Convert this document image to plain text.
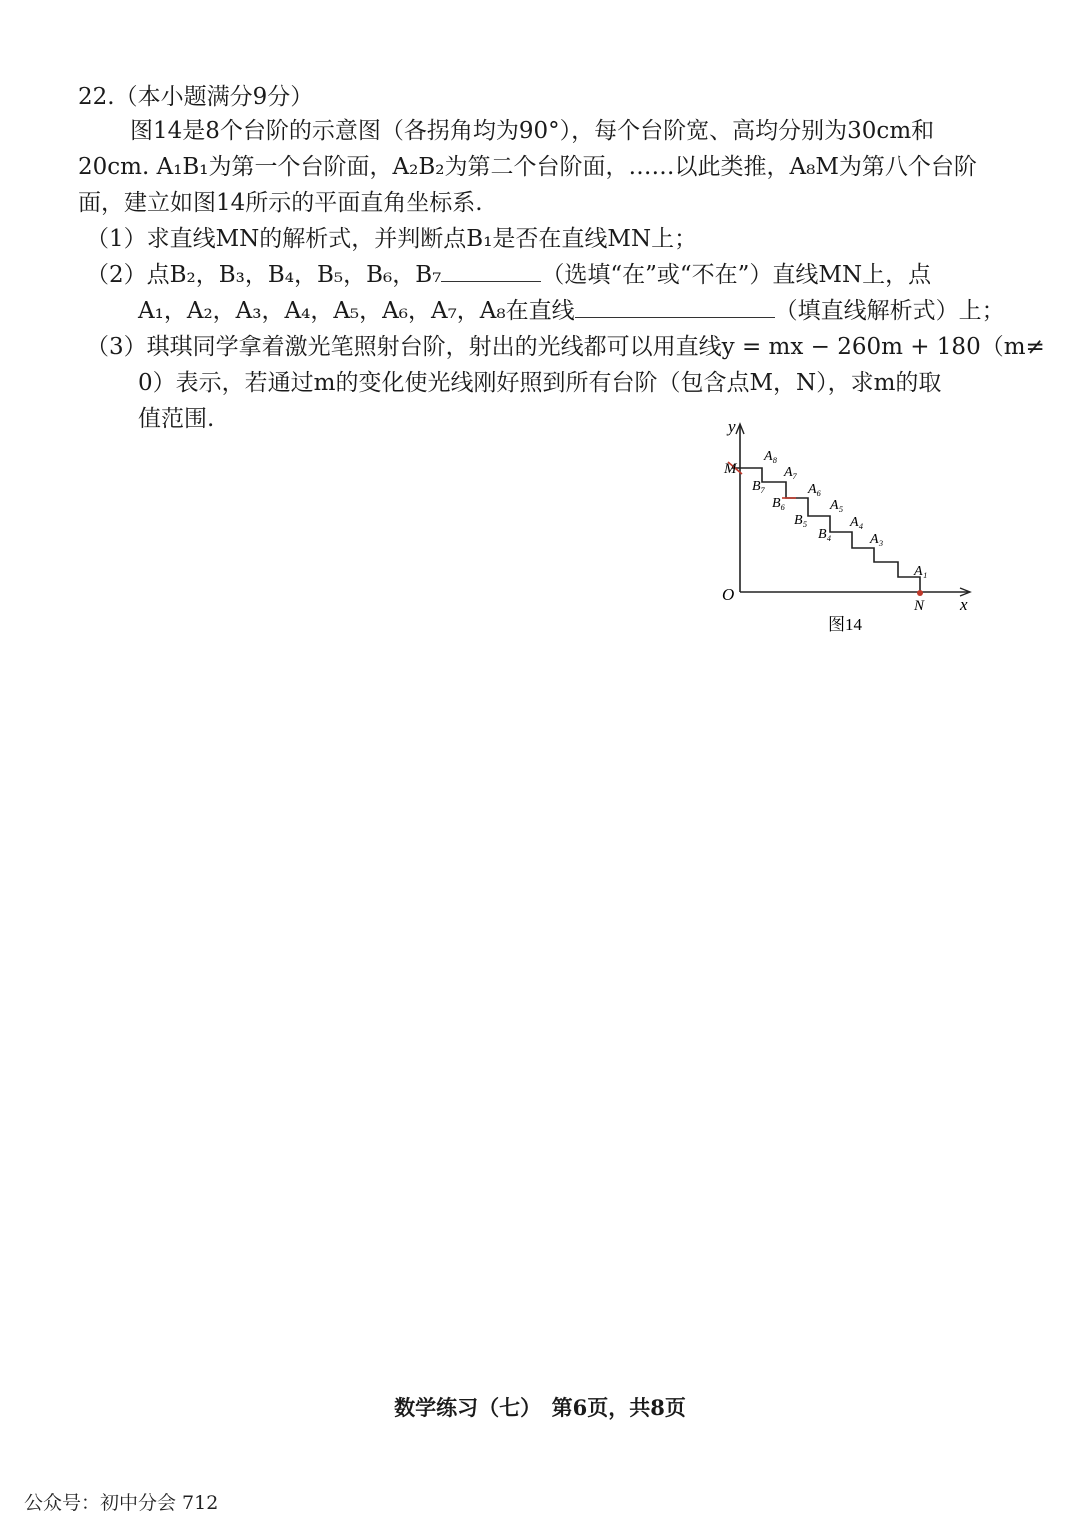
22.（本小题满分9分）
图14是8个台阶的示意图（各拐角均为90°），每个台阶宽、高均分别为30cm和
20cm. A₁B₁为第一个台阶面，A₂B₂为第二个台阶面，……以此类推，A₈M为第八个台阶
面，建立如图14所示的平面直角坐标系.
（1）求直线MN的解析式，并判断点B₁是否在直线MN上；
（2）点B₂，B₃，B₄，B₅，B₆，B₇	（选填“在”或“不在”）直线MN上，点
A₁，A₂，A₃，A₄，A₅，A₆，A₇，A₈在直线	（填直线解析式）上；
（3）琪琪同学拿着激光笔照射台阶，射出的光线都可以用直线y = mx − 260m + 180（m≠
0）表示，若通过m的变化使光线刚好照到所有台阶（包含点M，N），求m的取
值范围.	y
x
O
M
N
A₈
A₇
A₆
A₅
A₄
A₃
A₁
B₇
B₆
B₅
B₄
图14
数学练习（七）　第6页，共8页
公众号：初中分会 712
